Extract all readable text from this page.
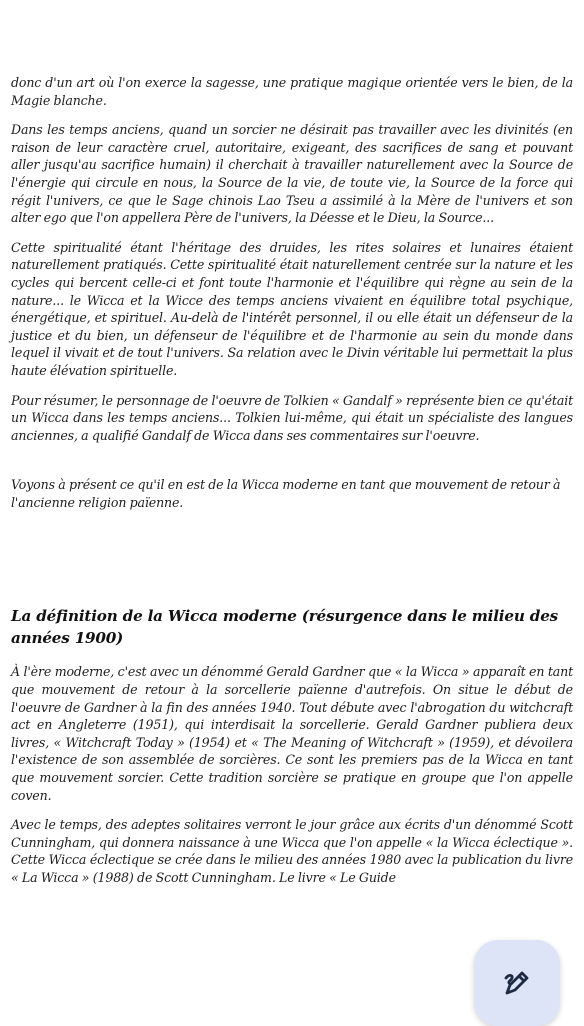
donc d'un art où l'on exerce la sagesse, une pratique magique orientée vers le bien, de la Magie blanche.

Dans les temps anciens, quand un sorcier ne désirait pas travailler avec les divinités (en raison de leur caractère cruel, autoritaire, exigeant, des sacrifices de sang et pouvant aller jusqu'au sacrifice humain) il cherchait à travailler naturellement avec la Source de l'énergie qui circule en nous, la Source de la vie, de toute vie, la Source de la force qui régit l'univers, ce que le Sage chinois Lao Tseu a assimilé à la Mère de l'univers et son alter ego que l'on appellera Père de l'univers, la Déesse et le Dieu, la Source...

Cette spiritualité étant l'héritage des druides, les rites solaires et lunaires étaient naturellement pratiqués. Cette spiritualité était naturellement centrée sur la nature et les cycles qui bercent celle-ci et font toute l'harmonie et l'équilibre qui règne au sein de la nature... le Wicca et la Wicce des temps anciens vivaient en équilibre total psychique, énergétique, et spirituel. Au-delà de l'intérêt personnel, il ou elle était un défenseur de la justice et du bien, un défenseur de l'équilibre et de l'harmonie au sein du monde dans lequel il vivait et de tout l'univers. Sa relation avec le Divin véritable lui permettait la plus haute élévation spirituelle.

Pour résumer, le personnage de l'oeuvre de Tolkien « Gandalf » représente bien ce qu'était un Wicca dans les temps anciens... Tolkien lui-même, qui était un spécialiste des langues anciennes, a qualifié Gandalf de Wicca dans ses commentaires sur l'oeuvre.

Voyons à présent ce qu'il en est de la Wicca moderne en tant que mouvement de retour à l'ancienne religion païenne.

La définition de la Wicca moderne (résurgence dans le milieu des années 1900)

À l'ère moderne, c'est avec un dénommé Gerald Gardner que « la Wicca » apparaît en tant que mouvement de retour à la sorcellerie païenne d'autrefois. On situe le début de l'oeuvre de Gardner à la fin des années 1940. Tout débute avec l'abrogation du witchcraft act en Angleterre (1951), qui interdisait la sorcellerie. Gerald Gardner publiera deux livres, « Witchcraft Today » (1954) et « The Meaning of Witchcraft » (1959), et dévoilera l'existence de son assemblée de sorcières. Ce sont les premiers pas de la Wicca en tant que mouvement sorcier. Cette tradition sorcière se pratique en groupe que l'on appelle coven.

Avec le temps, des adeptes solitaires verront le jour grâce aux écrits d'un dénommé Scott Cunningham, qui donnera naissance à une Wicca que l'on appelle « la Wicca éclectique ». Cette Wicca éclectique se crée dans le milieu des années 1980 avec la publication du livre « La Wicca » (1988) de Scott Cunningham. Le livre « Le Guide
